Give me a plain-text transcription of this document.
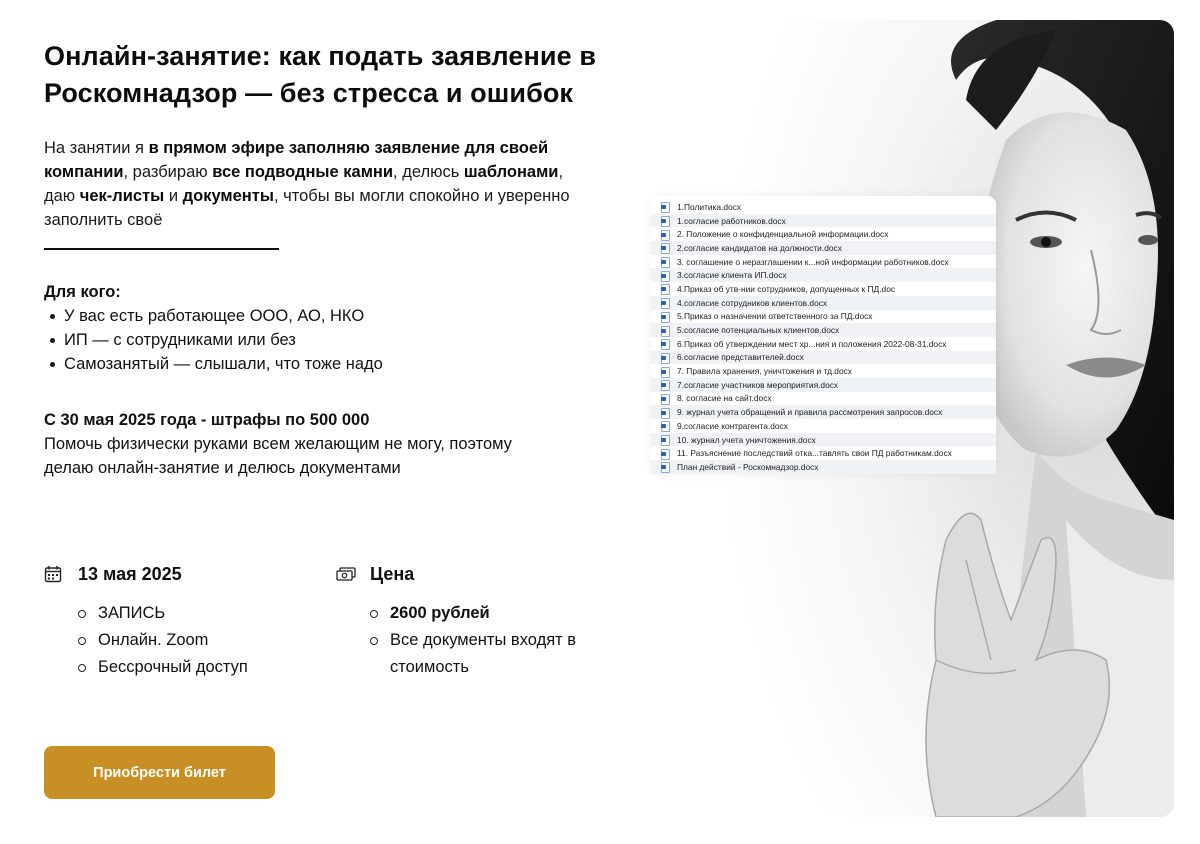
Онлайн-занятие: как подать заявление в Роскомнадзор — без стресса и ошибок

На занятии я в прямом эфире заполняю заявление для своей компании, разбираю все подводные камни, делюсь шаблонами, даю чек-листы и документы, чтобы вы могли спокойно и уверенно заполнить своё

Для кого:
У вас есть работающее ООО, АО, НКО
ИП — с сотрудниками или без
Самозанятый — слышали, что тоже надо
С 30 мая 2025 года - штрафы по 500 000
Помочь физически руками всем желающим не могу, поэтому делаю онлайн-занятие и делюсь документами
13 мая 2025
ЗАПИСЬ
Онлайн. Zoom
Бессрочный доступ
Цена
2600 рублей
Все документы входят в стоимость
Приобрести билет
1.Политика.docx
1.согласие работников.docx
2. Положение о конфиденциальной информации.docx
2.согласие кандидатов на должности.docx
3. соглашение о неразглашении к...ной информации работников.docx
3.согласие клиента ИП.docx
4.Приказ об утв-нии сотрудников, допущенных к ПД.doc
4.согласие сотрудников клиентов.docx
5.Приказ о назначении ответственного за ПД.docx
5.согласие потенциальных клиентов.docx
6.Приказ об утверждении мест хр...ния и положения 2022-08-31.docx
6.согласие представителей.docx
7. Правила хранения, уничтожения и тд.docx
7.согласие участников мероприятия.docx
8. согласие на сайт.docx
9. журнал учета обращений и правила рассмотрения запросов.docx
9.согласие контрагента.docx
10. журнал учета уничтожения.docx
11. Разъяснение последствий отка...тавлять свои ПД работникам.docx
План действий - Роскомнадзор.docx
